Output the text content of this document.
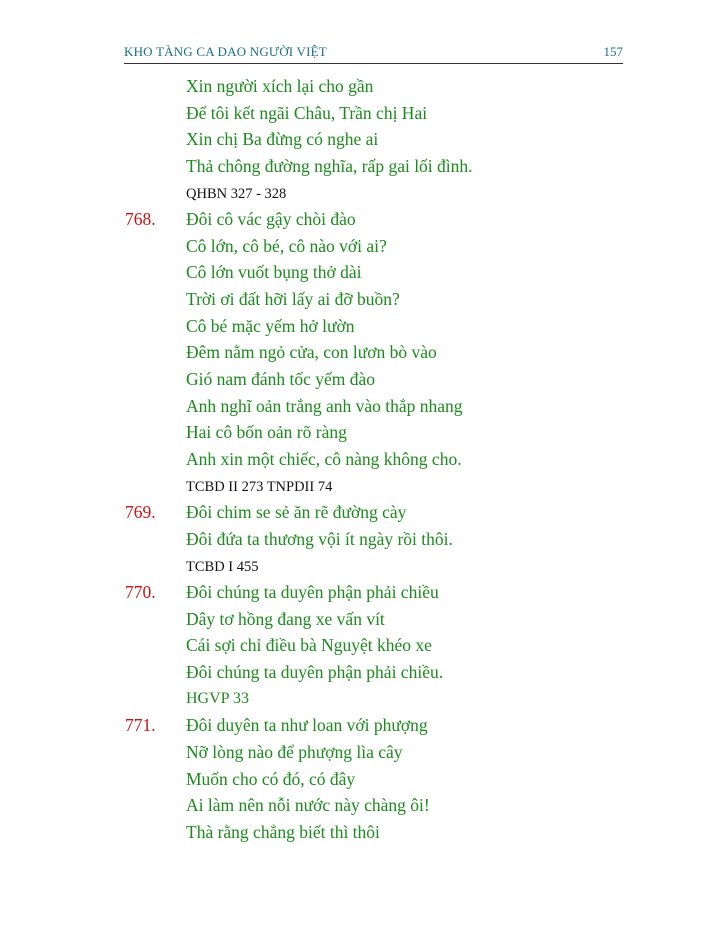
KHO TÀNG CA DAO NGƯỜI VIỆT	157
Xin người xích lại cho gần
Để tôi kết ngãi Châu, Trần chị Hai
Xin chị Ba đừng có nghe ai
Thả chông đường nghĩa, rấp gai lối đình.
QHBN 327 - 328
768. Đôi cô vác gậy chòi đào
Cô lớn, cô bé, cô nào với ai?
Cô lớn vuốt bụng thở dài
Trời ơi đất hỡi lấy ai đỡ buồn?
Cô bé mặc yếm hở lườn
Đêm nằm ngỏ cửa, con lươn bò vào
Gió nam đánh tốc yếm đào
Anh nghĩ oản trắng anh vào thắp nhang
Hai cô bốn oản rõ ràng
Anh xin một chiếc, cô nàng không cho.
TCBD II 273 TNPDII 74
769. Đôi chim se sẻ ăn rẽ đường cày
Đôi đứa ta thương vội ít ngày rồi thôi.
TCBD I 455
770. Đôi chúng ta duyên phận phải chiều
Dây tơ hồng đang xe vấn vít
Cái sợi chỉ điều bà Nguyệt khéo xe
Đôi chúng ta duyên phận phải chiều.
HGVP 33
771. Đôi duyên ta như loan với phượng
Nỡ lòng nào để phượng lìa cây
Muốn cho có đó, có đây
Ai làm nên nỗi nước này chàng ôi!
Thà rằng chẳng biết thì thôi
